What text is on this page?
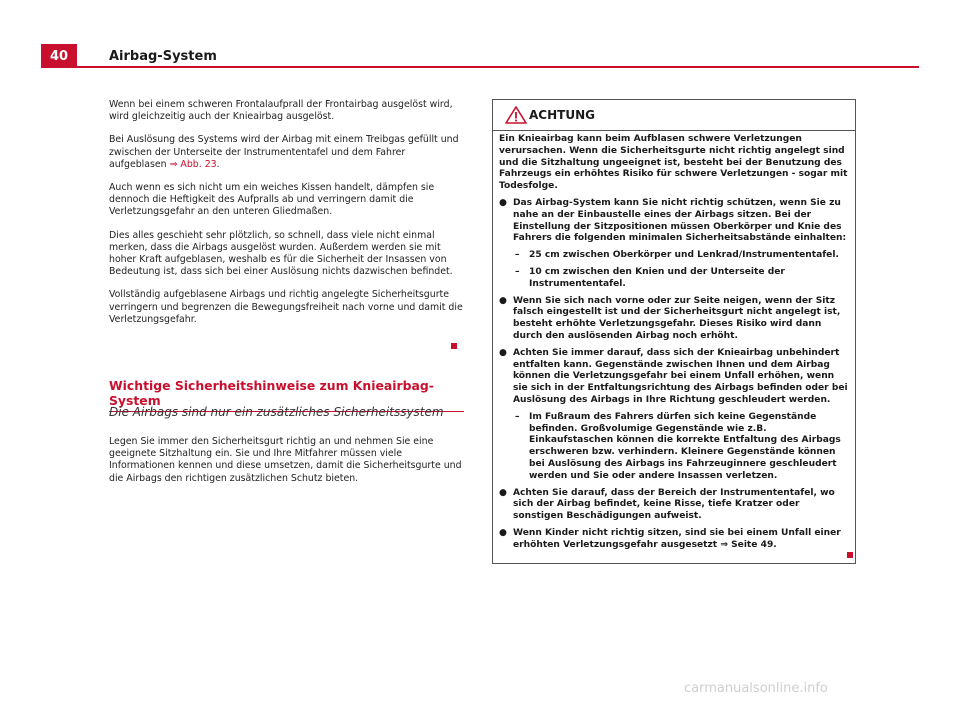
40	Airbag-System

Wenn bei einem schweren Frontalaufprall der Frontairbag ausgelöst wird, wird gleichzeitig auch der Knieairbag ausgelöst.

Bei Auslösung des Systems wird der Airbag mit einem Treibgas gefüllt und zwischen der Unterseite der Instrumententafel und dem Fahrer aufgeblasen ⇒ Abb. 23.

Auch wenn es sich nicht um ein weiches Kissen handelt, dämpfen sie dennoch die Heftigkeit des Aufpralls ab und verringern damit die Verletzungsgefahr an den unteren Gliedmaßen.

Dies alles geschieht sehr plötzlich, so schnell, dass viele nicht einmal merken, dass die Airbags ausgelöst wurden. Außerdem werden sie mit hoher Kraft aufgeblasen, weshalb es für die Sicherheit der Insassen von Bedeutung ist, dass sich bei einer Auslösung nichts dazwischen befindet.

Vollständig aufgeblasene Airbags und richtig angelegte Sicherheitsgurte verringern und begrenzen die Bewegungsfreiheit nach vorne und damit die Verletzungsgefahr.

Wichtige Sicherheitshinweise zum Knieairbag-System
Die Airbags sind nur ein zusätzliches Sicherheitssystem
Legen Sie immer den Sicherheitsgurt richtig an und nehmen Sie eine geeignete Sitzhaltung ein. Sie und Ihre Mitfahrer müssen viele Informationen kennen und diese umsetzen, damit die Sicherheitsgurte und die Airbags den richtigen zusätzlichen Schutz bieten.
ACHTUNG

Ein Knieairbag kann beim Aufblasen schwere Verletzungen verursachen. Wenn die Sicherheitsgurte nicht richtig angelegt sind und die Sitzhaltung ungeeignet ist, besteht bei der Benutzung des Fahrzeugs ein erhöhtes Risiko für schwere Verletzungen - sogar mit Todesfolge.

● Das Airbag-System kann Sie nicht richtig schützen, wenn Sie zu nahe an der Einbaustelle eines der Airbags sitzen. Bei der Einstellung der Sitzpositionen müssen Oberkörper und Knie des Fahrers die folgenden minimalen Sicherheitsabstände einhalten:
–	25 cm zwischen Oberkörper und Lenkrad/Instrumententafel.
–	10 cm zwischen den Knien und der Unterseite der Instrumententafel.
● Wenn Sie sich nach vorne oder zur Seite neigen, wenn der Sitz falsch eingestellt ist und der Sicherheitsgurt nicht angelegt ist, besteht erhöhte Verletzungsgefahr. Dieses Risiko wird dann durch den auslösenden Airbag noch erhöht.
● Achten Sie immer darauf, dass sich der Knieairbag unbehindert entfalten kann. Gegenstände zwischen Ihnen und dem Airbag können die Verletzungsgefahr bei einem Unfall erhöhen, wenn sie sich in der Entfaltungsrichtung des Airbags befinden oder bei Auslösung des Airbags in Ihre Richtung geschleudert werden.
–	Im Fußraum des Fahrers dürfen sich keine Gegenstände befinden. Großvolumige Gegenstände wie z.B. Einkaufstaschen können die korrekte Entfaltung des Airbags erschweren bzw. verhindern. Kleinere Gegenstände können bei Auslösung des Airbags ins Fahrzeuginnere geschleudert werden und Sie oder andere Insassen verletzen.
● Achten Sie darauf, dass der Bereich der Instrumententafel, wo sich der Airbag befindet, keine Risse, tiefe Kratzer oder sonstigen Beschädigungen aufweist.
● Wenn Kinder nicht richtig sitzen, sind sie bei einem Unfall einer erhöhten Verletzungsgefahr ausgesetzt ⇒ Seite 49.
carmanualsonline.info
